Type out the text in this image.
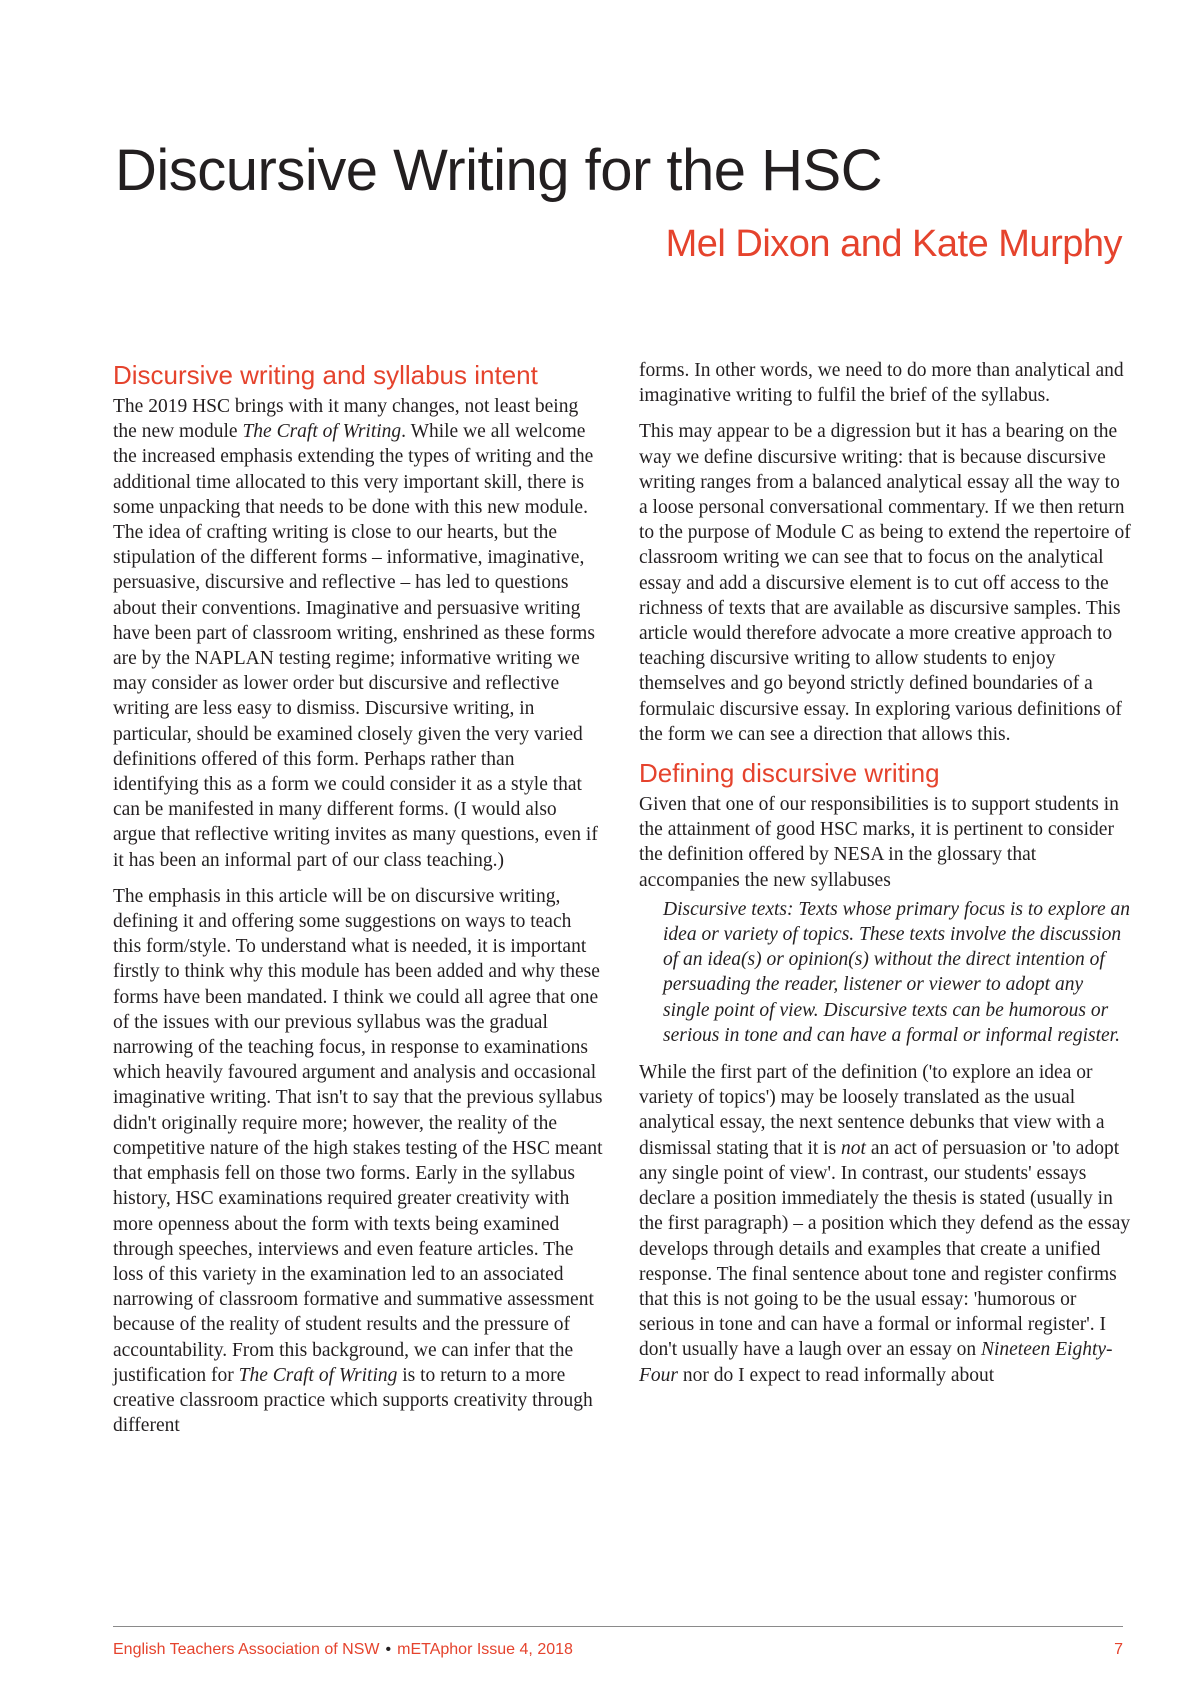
Discursive Writing for the HSC
Mel Dixon and Kate Murphy
Discursive writing and syllabus intent

The 2019 HSC brings with it many changes, not least being the new module The Craft of Writing. While we all welcome the increased emphasis extending the types of writing and the additional time allocated to this very important skill, there is some unpacking that needs to be done with this new module. The idea of crafting writing is close to our hearts, but the stipulation of the different forms – informative, imaginative, persuasive, discursive and reflective – has led to questions about their conventions. Imaginative and persuasive writing have been part of classroom writing, enshrined as these forms are by the NAPLAN testing regime; informative writing we may consider as lower order but discursive and reflective writing are less easy to dismiss. Discursive writing, in particular, should be examined closely given the very varied definitions offered of this form. Perhaps rather than identifying this as a form we could consider it as a style that can be manifested in many different forms. (I would also argue that reflective writing invites as many questions, even if it has been an informal part of our class teaching.)

The emphasis in this article will be on discursive writing, defining it and offering some suggestions on ways to teach this form/style. To understand what is needed, it is important firstly to think why this module has been added and why these forms have been mandated. I think we could all agree that one of the issues with our previous syllabus was the gradual narrowing of the teaching focus, in response to examinations which heavily favoured argument and analysis and occasional imaginative writing. That isn't to say that the previous syllabus didn't originally require more; however, the reality of the competitive nature of the high stakes testing of the HSC meant that emphasis fell on those two forms. Early in the syllabus history, HSC examinations required greater creativity with more openness about the form with texts being examined through speeches, interviews and even feature articles. The loss of this variety in the examination led to an associated narrowing of classroom formative and summative assessment because of the reality of student results and the pressure of accountability. From this background, we can infer that the justification for The Craft of Writing is to return to a more creative classroom practice which supports creativity through different

forms. In other words, we need to do more than analytical and imaginative writing to fulfil the brief of the syllabus.

This may appear to be a digression but it has a bearing on the way we define discursive writing: that is because discursive writing ranges from a balanced analytical essay all the way to a loose personal conversational commentary. If we then return to the purpose of Module C as being to extend the repertoire of classroom writing we can see that to focus on the analytical essay and add a discursive element is to cut off access to the richness of texts that are available as discursive samples. This article would therefore advocate a more creative approach to teaching discursive writing to allow students to enjoy themselves and go beyond strictly defined boundaries of a formulaic discursive essay. In exploring various definitions of the form we can see a direction that allows this.

Defining discursive writing

Given that one of our responsibilities is to support students in the attainment of good HSC marks, it is pertinent to consider the definition offered by NESA in the glossary that accompanies the new syllabuses

Discursive texts: Texts whose primary focus is to explore an idea or variety of topics. These texts involve the discussion of an idea(s) or opinion(s) without the direct intention of persuading the reader, listener or viewer to adopt any single point of view. Discursive texts can be humorous or serious in tone and can have a formal or informal register.

While the first part of the definition ('to explore an idea or variety of topics') may be loosely translated as the usual analytical essay, the next sentence debunks that view with a dismissal stating that it is not an act of persuasion or 'to adopt any single point of view'. In contrast, our students' essays declare a position immediately the thesis is stated (usually in the first paragraph) – a position which they defend as the essay develops through details and examples that create a unified response. The final sentence about tone and register confirms that this is not going to be the usual essay: 'humorous or serious in tone and can have a formal or informal register'. I don't usually have a laugh over an essay on Nineteen Eighty-Four nor do I expect to read informally about

English Teachers Association of NSW • mETAphor Issue 4, 2018	7
